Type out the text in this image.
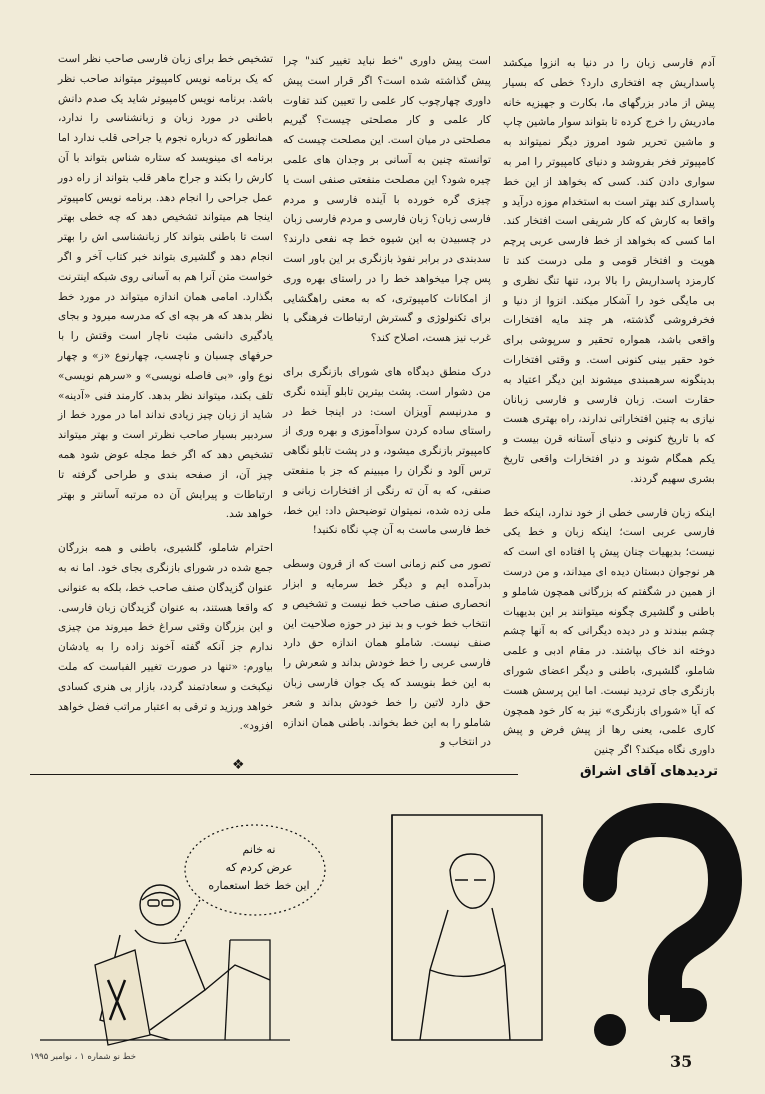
آدم فارسی زبان را در دنیا به انزوا میکشد پاسداریش چه افتخاری دارد؟ خطی که بسیار پیش از مادر بزرگهای ما، بکارت و جهیزیه خانه مادریش را خرج کرده تا بتواند سوار ماشین چاپ و ماشین تحریر شود امروز دیگر نمیتواند به کامپیوتر فخر بفروشد و دنیای کامپیوتر را امر به سواری دادن کند. کسی که بخواهد از این خط پاسداری کند بهتر است به استخدام موزه درآید و واقعا به کارش که کار شریفی است افتخار کند. اما کسی که بخواهد از خط فارسی عربی پرچم هویت و افتخار قومی و ملی درست کند تا کارمزد پاسداریش را بالا برد، تنها تنگ نظری و بی مایگی خود را آشکار میکند. انزوا از دنیا و فخرفروشی گذشته، هر چند مایه افتخارات واقعی باشد، همواره تحقیر و سرپوشی برای خود حقیر بینی کنونی است. و وقتی افتخارات بدینگونه سرهمبندی میشوند این دیگر اعتیاد به حقارت است. زبان فارسی و فارسی زبانان نیازی به چنین افتخاراتی ندارند، راه بهتری هست که با تاریخ کنونی و دنیای آستانه قرن بیست و یکم همگام شوند و در افتخارات واقعی تاریخ بشری سهیم گردند.

اینکه زبان فارسی خطی از خود ندارد، اینکه خط فارسی عربی است؛ اینکه زبان و خط یکی نیست؛ بدیهیات چنان پیش پا افتاده ای است که هر نوجوان دبستان دیده ای میداند، و من درست از همین در شگفتم که بزرگانی همچون شاملو و باطنی و گلشیری چگونه میتوانند بر این بدیهیات چشم ببندند و در دیده دیگرانی که به آنها چشم دوخته اند خاک بپاشند. در مقام ادبی و علمی شاملو، گلشیری، باطنی و دیگر اعضای شورای بازنگری جای تردید نیست. اما این پرسش هست که آیا «شورای بازنگری» نیز به کار خود همچون کاری علمی، یعنی رها از پیش فرض و پیش داوری نگاه میکند؟ اگر چنین

است پیش داوری "خط نباید تغییر کند" چرا پیش گذاشته شده است؟ اگر قرار است پیش داوری چهارچوب کار علمی را تعیین کند تفاوت کار علمی و کار مصلحتی چیست؟ گیریم مصلحتی در میان است. این مصلحت چیست که توانسته چنین به آسانی بر وجدان های علمی چیره شود؟ این مصلحت منفعتی صنفی است یا چیزی گره خورده با آینده فارسی و مردم فارسی زبان؟ زبان فارسی و مردم فارسی زبان در چسبیدن به این شیوه خط چه نفعی دارند؟ سدبندی در برابر نفوذ بازنگری بر این باور است پس چرا میخواهد خط را در راستای بهره وری از امکانات کامپیوتری، که به معنی راهگشایی برای تکنولوژی و گسترش ارتباطات فرهنگی با غرب نیز هست، اصلاح کند؟

درک منطق دیدگاه های شورای بازنگری برای من دشوار است. پشت بیترین تابلو آینده نگری و مدرنیسم آویزان است: در اینجا خط در راستای ساده کردن سوادآموزی و بهره وری از کامپیوتر بازنگری میشود، و در پشت تابلو نگاهی ترس آلود و نگران را میبینم که جز با منفعتی صنفی، که به آن ته رنگی از افتخارات زبانی و ملی زده شده، نمیتوان توضیحش داد: این خط، خط فارسی ماست به آن چپ نگاه نکنید!

تصور می کنم زمانی است که از قرون وسطی بدرآمده ایم و دیگر خط سرمایه و ابزار انحصاری صنف صاحب خط نیست و تشخیص و انتخاب خط خوب و بد نیز در حوزه صلاحیت این صنف نیست. شاملو همان اندازه حق دارد فارسی عربی را خط خودش بداند و شعرش را به این خط بنویسد که یک جوان فارسی زبان حق دارد لاتین را خط خودش بداند و شعر شاملو را به این خط بخواند. باطنی همان اندازه در انتخاب و

تشخیص خط برای زبان فارسی صاحب نظر است که یک برنامه نویس کامپیوتر میتواند صاحب نظر باشد. برنامه نویس کامپیوتر شاید یک صدم دانش باطنی در مورد زبان و زبانشناسی را ندارد، همانطور که درباره نجوم یا جراحی قلب ندارد اما برنامه ای مینویسد که ستاره شناس بتواند با آن کارش را بکند و جراح ماهر قلب بتواند از راه دور عمل جراحی را انجام دهد. برنامه نویس کامپیوتر اینجا هم میتواند تشخیص دهد که چه خطی بهتر است تا باطنی بتواند کار زبانشناسی اش را بهتر انجام دهد و گلشیری بتواند خبر کتاب آخر و اگر خواست متن آنرا هم به آسانی روی شبکه اینترنت بگذارد. امامی همان اندازه میتواند در مورد خط نظر بدهد که هر بچه ای که مدرسه میرود و بجای یادگیری دانشی مثبت ناچار است وقتش را با حرفهای چسبان و ناچسب، چهارنوع «ز» و چهار نوع واو، «بی فاصله نویسی» و «سرهم نویسی» تلف بکند، میتواند نظر بدهد. کارمند فنی «آدینه» شاید از زبان چیز زیادی نداند اما در مورد خط از سردبیر بسیار صاحب نظرتر است و بهتر میتواند تشخیص دهد که اگر خط مجله عوض شود همه چیز آن، از صفحه بندی و طراحی گرفته تا ارتباطات و پیرایش آن ده مرتبه آسانتر و بهتر خواهد شد.

احترام شاملو، گلشیری، باطنی و همه بزرگان جمع شده در شورای بازنگری بجای خود. اما نه به عنوان گزیدگان صنف صاحب خط، بلکه به عنوانی که واقعا هستند، به عنوان گزیدگان زبان فارسی. و این بزرگان وقتی سراغ خط میروند من چیزی ندارم جز آنکه گفته آخوند زاده را به یادشان بیاورم: «تنها در صورت تغییر الفباست که ملت نیکبخت و سعادتمند گردد، بازار بی هنری کسادی خواهد ورزید و ترقی به اعتبار مراتب فضل خواهد افزود».

❖	تردیدهای آقای اشراق
نه خانم
عرض کردم که
این خط خط استعماره
خط نو شماره ۱ ، نوامبر ۱۹۹۵	35
